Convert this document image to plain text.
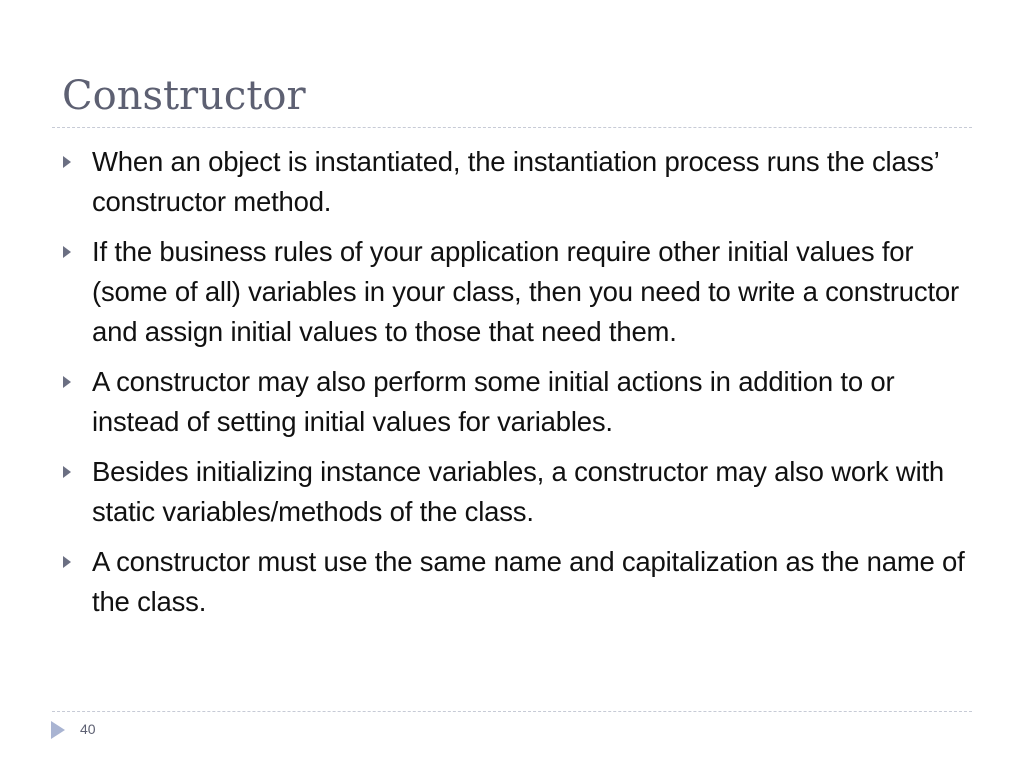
Constructor
When an object is instantiated, the instantiation process runs the class’ constructor method.
If the business rules of your application require other initial values for (some of all) variables in your class, then you need to write a constructor and assign initial values to those that need them.
A constructor may also perform some initial actions in addition to or instead of setting initial values for variables.
Besides initializing instance variables, a constructor may also work with static variables/methods of the class.
A constructor must use the same name and capitalization as the name of the class.
40
